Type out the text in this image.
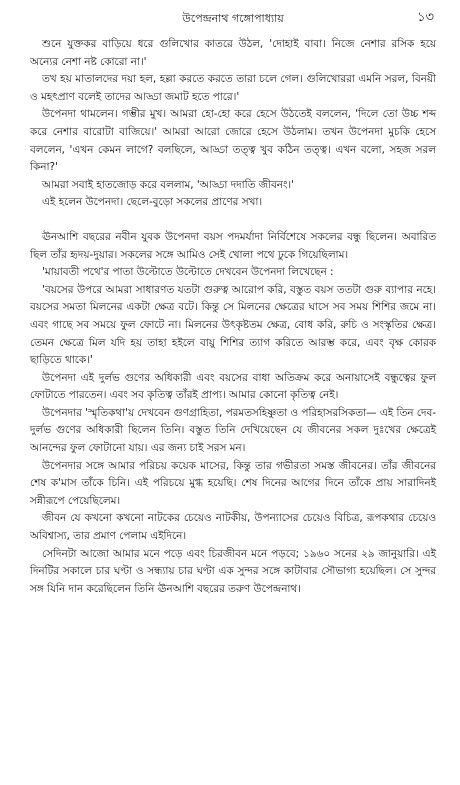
উপেন্দ্রনাথ গঙ্গোপাধ্যায়	১৩

শুনে যুক্তকর বাড়িয়ে ধরে গুলিখোর কাতরে উঠল, 'দোহাই বাবা। নিজে নেশার রসিক হয়ে অন্যের নেশা নষ্ট কোরো না।'

তখ হয় মাতালদের দয়া হল, হল্লা করতে করতে তারা চলে গেল। গুলিখোররা এমনি সরল, বিনয়ী ও মহৎপ্রাণ বলেই তাদের আড্ডা জমাট হতে পারে।'

উপেনদা থামলেন। গম্ভীর মুখ। আমরা হো-হো করে হেসে উঠতেই বললেন, 'দিলে তো উচ্চ শব্দ করে নেশার বারোটা বাজিয়ে।' আমরা আরো জোরে হেসে উঠলাম। তখন উপেনদা মুচকি হেসে বললেন, 'এখন কেমন লাগে? বলছিলে, আড্ডা তত্ত্ব খুব কঠিন তত্ত্ব। এখন বলো, সহজ সরল কিনা?'

আমরা সবাই হাতজোড় করে বললাম, 'আড্ডা দদাতি জীবনং।'

এই হলেন উপেনদা। ছেলে-বুড়ো সকলের প্রাণের সখা।

ঊনআশি বছরের নবীন যুবক উপেনদা বয়স পদমর্যাদা নির্বিশেষে সকলের বন্ধু ছিলেন। অবারিত ছিল তাঁর হৃদয়-দুয়ার। সকলের সঙ্গে আমিও সেই খোলা পথে ঢুকে গিয়েছিলাম।

'মায়াবতী পথে'র পাতা উল্টোতে উল্টোতে দেখবেন উপেনদা লিখেছেন :

'বয়সের উপরে আমরা সাধারণত যতটা গুরুত্ব আরোপ করি, বস্তুত বয়স ততটা গুরু ব্যাপার নহে। বয়সের সমতা মিলনের একটা ক্ষেত্র বটে। কিন্তু সে মিলনের ক্ষেত্রের ঘাসে সব সময় শিশির জমে না। এবং গাছে সব সময়ে ফুল ফোটে না। মিলনের উৎকৃষ্টতম ক্ষেত্র, বোধ করি, রুচি ও সংস্কৃতির ক্ষেত্র। তেমন ক্ষেত্রে মিল যদি হয় তাহা হইলে বায়ু শিশির ত্যাগ করিতে আরম্ভ করে, এবং বৃক্ষ কোরক ছাড়িতে থাকে।'

উপেনদা এই দুর্লভ গুণের অধিকারী এবং বয়সের বাধা অতিক্রম করে অনায়াসেই বন্ধুত্বের ফুল ফোটাতে পারতেন। এবং সব কৃতিত্ব তাঁরই প্রাপ্য। আমার কোনো কৃতিত্ব নেই।

উপেনদার 'স্মৃতিকথা'য় দেখবেন গুণগ্রাহিতা, পরমতসহিষ্ণুতা ও পরিহাসরসিকতা— এই তিন দেব-দুর্লভ গুণের অধিকারী ছিলেন তিনি। বস্তুত তিনি দেখিয়েছেন যে জীবনের সকল দুঃখের ক্ষেত্রেই আনন্দের ফুল ফোটানো যায়। এর জন্য চাই সরস মন।

উপেনদার সঙ্গে আমার পরিচয় কয়েক মাসের, কিন্তু তার গভীরতা সমস্ত জীবনের। তাঁর জীবনের শেষ ক'মাস তাঁকে চিনি। এই পরিচয়ে মুগ্ধ হয়েছি। শেষ দিনের আগের দিনে তাঁকে প্রায় সারাদিনই সন্নীরূপে পেয়েছিলেম।

জীবন যে কখনো কখনো নাটকের চেয়েও নাটকীয়, উপন্যাসের চেয়েও বিচিত্র, রূপকথার চেয়েও অবিশ্বাস্য, তার প্রমাণ পেলাম এইদিনে।

সেদিনটা আজো আমার মনে পড়ে এবং চিরজীবন মনে পড়বে; ১৯৬০ সনের ২৯ জানুয়ারি। এই দিনটির সকালে চার ঘণ্টা ও সন্ধ্যায় চার ঘণ্টা এক সুন্দর সঙ্গে কাটাবার সৌভাগ্য হয়েছিল। সে সুন্দর সঙ্গ যিনি দান করেছিলেন তিনি ঊনআশি বছরের তরুণ উপেন্দ্রনাথ।
